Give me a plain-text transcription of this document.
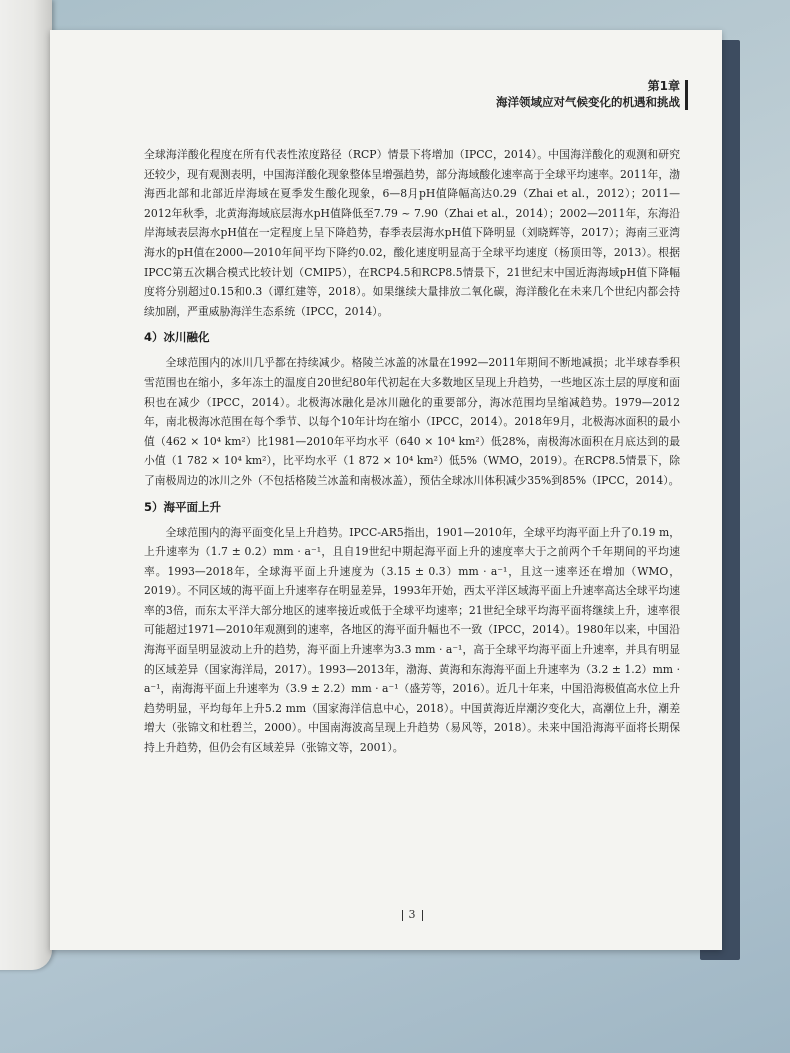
第1章
海洋领域应对气候变化的机遇和挑战

全球海洋酸化程度在所有代表性浓度路径（RCP）情景下将增加（IPCC，2014）。中国海洋酸化的观测和研究还较少，现有观测表明，中国海洋酸化现象整体呈增强趋势，部分海域酸化速率高于全球平均速率。2011年，渤海西北部和北部近岸海域在夏季发生酸化现象，6—8月pH值降幅高达0.29（Zhai et al.，2012）；2011—2012年秋季，北黄海海域底层海水pH值降低至7.79 ~ 7.90（Zhai et al.，2014）；2002—2011年，东海沿岸海域表层海水pH值在一定程度上呈下降趋势，春季表层海水pH值下降明显（刘晓辉等，2017）；海南三亚湾海水的pH值在2000—2010年间平均下降约0.02，酸化速度明显高于全球平均速度（杨顶田等，2013）。根据IPCC第五次耦合模式比较计划（CMIP5），在RCP4.5和RCP8.5情景下，21世纪末中国近海海域pH值下降幅度将分别超过0.15和0.3（谭红建等，2018）。如果继续大量排放二氧化碳，海洋酸化在未来几个世纪内都会持续加剧，严重威胁海洋生态系统（IPCC，2014）。

4）冰川融化

全球范围内的冰川几乎都在持续减少。格陵兰冰盖的冰量在1992—2011年期间不断地减损；北半球春季积雪范围也在缩小，多年冻土的温度自20世纪80年代初起在大多数地区呈现上升趋势，一些地区冻土层的厚度和面积也在减少（IPCC，2014）。北极海冰融化是冰川融化的重要部分，海冰范围均呈缩减趋势。1979—2012年，南北极海冰范围在每个季节、以每个10年计均在缩小（IPCC，2014）。2018年9月，北极海冰面积的最小值（462 × 10⁴ km²）比1981—2010年平均水平（640 × 10⁴ km²）低28%，南极海冰面积在月底达到的最小值（1 782 × 10⁴ km²），比平均水平（1 872 × 10⁴ km²）低5%（WMO，2019）。在RCP8.5情景下，除了南极周边的冰川之外（不包括格陵兰冰盖和南极冰盖），预估全球冰川体积减少35%到85%（IPCC，2014）。

5）海平面上升

全球范围内的海平面变化呈上升趋势。IPCC-AR5指出，1901—2010年，全球平均海平面上升了0.19 m，上升速率为（1.7 ± 0.2）mm · a⁻¹，且自19世纪中期起海平面上升的速度率大于之前两个千年期间的平均速率。1993—2018年，全球海平面上升速度为（3.15 ± 0.3）mm · a⁻¹，且这一速率还在增加（WMO，2019）。不同区域的海平面上升速率存在明显差异，1993年开始，西太平洋区域海平面上升速率高达全球平均速率的3倍，而东太平洋大部分地区的速率接近或低于全球平均速率；21世纪全球平均海平面将继续上升，速率很可能超过1971—2010年观测到的速率，各地区的海平面升幅也不一致（IPCC，2014）。1980年以来，中国沿海海平面呈明显波动上升的趋势，海平面上升速率为3.3 mm · a⁻¹，高于全球平均海平面上升速率，并具有明显的区域差异（国家海洋局，2017）。1993—2013年，渤海、黄海和东海海平面上升速率为（3.2 ± 1.2）mm · a⁻¹，南海海平面上升速率为（3.9 ± 2.2）mm · a⁻¹（盛芳等，2016）。近几十年来，中国沿海极值高水位上升趋势明显，平均每年上升5.2 mm（国家海洋信息中心，2018）。中国黄海近岸潮汐变化大，高潮位上升，潮差增大（张锦文和杜碧兰，2000）。中国南海波高呈现上升趋势（易风等，2018）。未来中国沿海海平面将长期保持上升趋势，但仍会有区域差异（张锦文等，2001）。

3
